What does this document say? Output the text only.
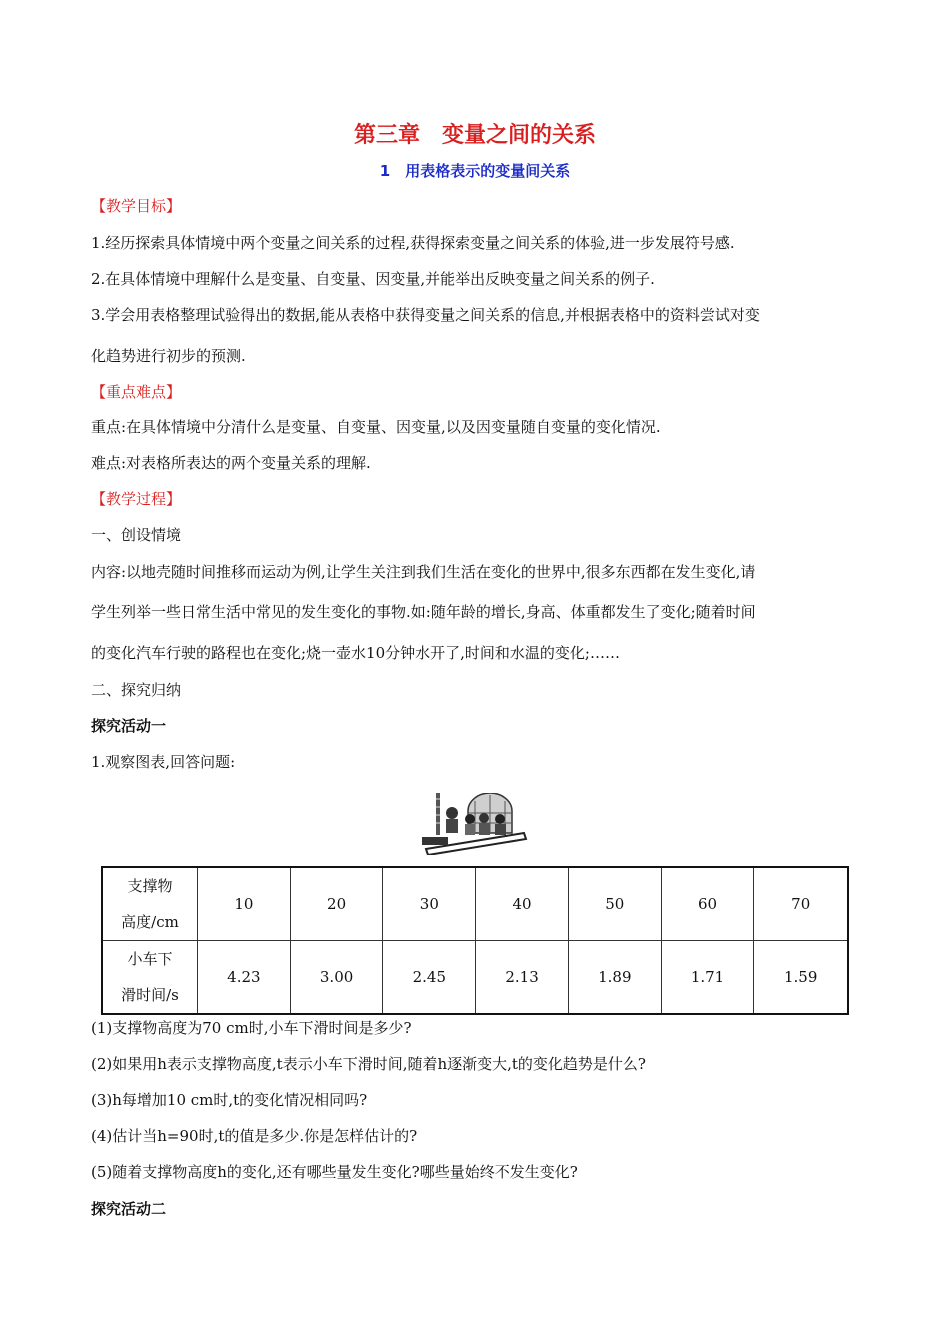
第三章　变量之间的关系
1　用表格表示的变量间关系
【教学目标】
1.经历探索具体情境中两个变量之间关系的过程,获得探索变量之间关系的体验,进一步发展符号感.
2.在具体情境中理解什么是变量、自变量、因变量,并能举出反映变量之间关系的例子.
3.学会用表格整理试验得出的数据,能从表格中获得变量之间关系的信息,并根据表格中的资料尝试对变
化趋势进行初步的预测.
【重点难点】
重点:在具体情境中分清什么是变量、自变量、因变量,以及因变量随自变量的变化情况.
难点:对表格所表达的两个变量关系的理解.
【教学过程】
一、创设情境
内容:以地壳随时间推移而运动为例,让学生关注到我们生活在变化的世界中,很多东西都在发生变化,请
学生列举一些日常生活中常见的发生变化的事物.如:随年龄的增长,身高、体重都发生了变化;随着时间
的变化汽车行驶的路程也在变化;烧一壶水10分钟水开了,时间和水温的变化;……
二、探究归纳
探究活动一
1.观察图表,回答问题:
支撑物
高度/cm	10	20	30	40	50	60	70
小车下
滑时间/s	4.23	3.00	2.45	2.13	1.89	1.71	1.59
(1)支撑物高度为70 cm时,小车下滑时间是多少?
(2)如果用h表示支撑物高度,t表示小车下滑时间,随着h逐渐变大,t的变化趋势是什么?
(3)h每增加10 cm时,t的变化情况相同吗?
(4)估计当h=90时,t的值是多少.你是怎样估计的?
(5)随着支撑物高度h的变化,还有哪些量发生变化?哪些量始终不发生变化?
探究活动二
